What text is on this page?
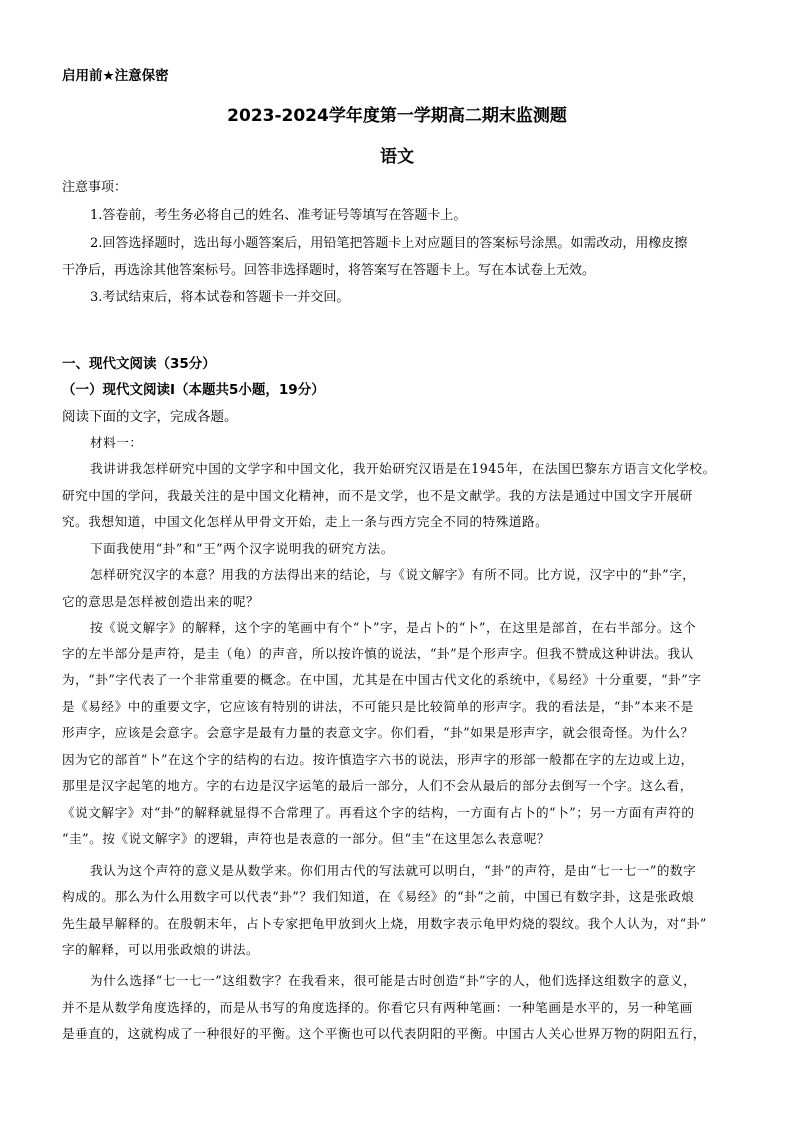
启用前★注意保密
2023-2024学年度第一学期高二期末监测题
语文
注意事项：
1.答卷前，考生务必将自己的姓名、准考证号等填写在答题卡上。
2.回答选择题时，选出每小题答案后，用铅笔把答题卡上对应题目的答案标号涂黑。如需改动，用橡皮擦
干净后，再选涂其他答案标号。回答非选择题时，将答案写在答题卡上。写在本试卷上无效。
3.考试结束后，将本试卷和答题卡一并交回。
一、现代文阅读（35分）
（一）现代文阅读Ⅰ（本题共5小题，19分）
阅读下面的文字，完成各题。
材料一：
我讲讲我怎样研究中国的文学字和中国文化，我开始研究汉语是在1945年，在法国巴黎东方语言文化学校。
研究中国的学问，我最关注的是中国文化精神，而不是文学，也不是文献学。我的方法是通过中国文字开展研
究。我想知道，中国文化怎样从甲骨文开始，走上一条与西方完全不同的特殊道路。
下面我使用“卦”和“王”两个汉字说明我的研究方法。
怎样研究汉字的本意？用我的方法得出来的结论，与《说文解字》有所不同。比方说，汉字中的“卦”字，
它的意思是怎样被创造出来的呢？
按《说文解字》的解释，这个字的笔画中有个“卜”字，是占卜的“卜”，在这里是部首，在右半部分。这个
字的左半部分是声符，是圭（龟）的声音，所以按许慎的说法，“卦”是个形声字。但我不赞成这种讲法。我认
为，“卦”字代表了一个非常重要的概念。在中国，尤其是在中国古代文化的系统中，《易经》十分重要，“卦”字
是《易经》中的重要文字，它应该有特别的讲法，不可能只是比较简单的形声字。我的看法是，“卦”本来不是
形声字，应该是会意字。会意字是最有力量的表意文字。你们看，“卦”如果是形声字，就会很奇怪。为什么？
因为它的部首“卜”在这个字的结构的右边。按许慎造字六书的说法，形声字的形部一般都在字的左边或上边，
那里是汉字起笔的地方。字的右边是汉字运笔的最后一部分，人们不会从最后的部分去倒写一个字。这么看，
《说文解字》对“卦”的解释就显得不合常理了。再看这个字的结构，一方面有占卜的“卜”；另一方面有声符的
“圭”。按《说文解字》的逻辑，声符也是表意的一部分。但“圭”在这里怎么表意呢？
我认为这个声符的意义是从数学来。你们用古代的写法就可以明白，“卦”的声符，是由“七一七一”的数字
构成的。那么为什么用数字可以代表“卦”？我们知道，在《易经》的“卦”之前，中国已有数字卦，这是张政烺
先生最早解释的。在殷朝末年，占卜专家把龟甲放到火上烧，用数字表示龟甲灼烧的裂纹。我个人认为，对“卦”
字的解释，可以用张政烺的讲法。
为什么选择“七一七一”这组数字？在我看来，很可能是古时创造“卦”字的人，他们选择这组数字的意义，
并不是从数学角度选择的，而是从书写的角度选择的。你看它只有两种笔画：一种笔画是水平的，另一种笔画
是垂直的，这就构成了一种很好的平衡。这个平衡也可以代表阴阳的平衡。中国古人关心世界万物的阴阳五行，
